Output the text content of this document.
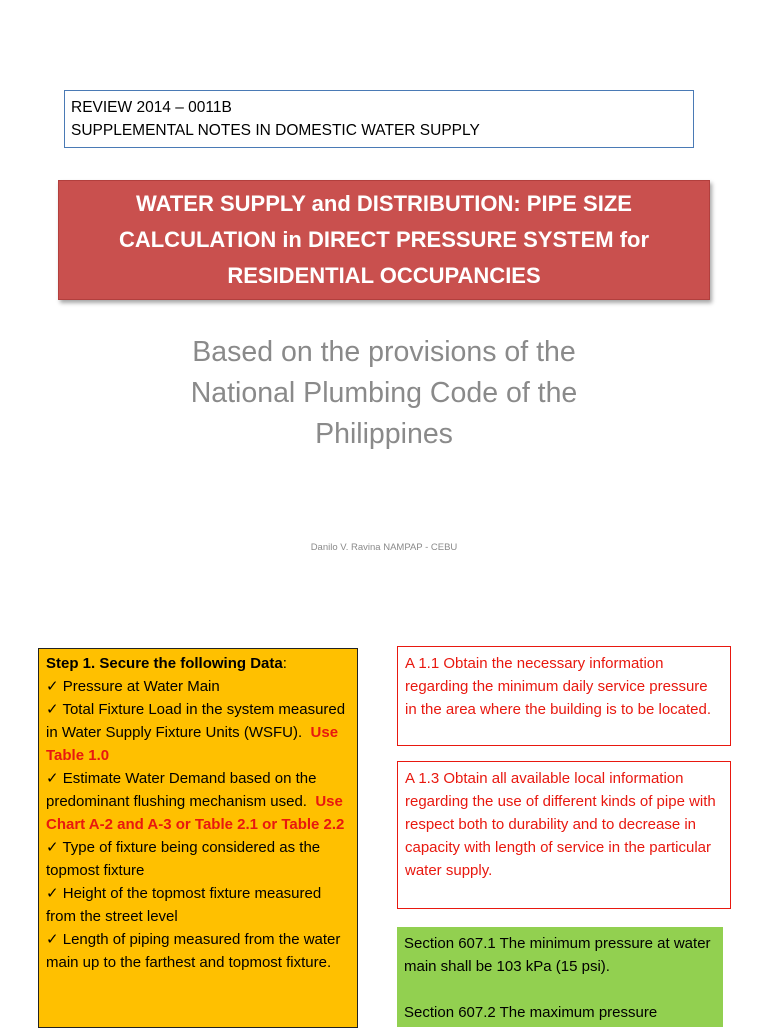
REVIEW 2014 – 0011B
SUPPLEMENTAL NOTES IN DOMESTIC WATER SUPPLY
WATER SUPPLY and DISTRIBUTION: PIPE SIZE
CALCULATION in DIRECT PRESSURE SYSTEM for
RESIDENTIAL OCCUPANCIES
Based on the provisions of the
National Plumbing Code of the
Philippines
Danilo V. Ravina NAMPAP - CEBU
Step 1. Secure the following Data:
✓ Pressure at Water Main
✓ Total Fixture Load in the system measured in Water Supply Fixture Units (WSFU). Use Table 1.0
✓ Estimate Water Demand based on the predominant flushing mechanism used. Use Chart A-2 and A-3 or Table 2.1 or Table 2.2
✓ Type of fixture being considered as the topmost fixture
✓ Height of the topmost fixture measured from the street level
✓ Length of piping measured from the water main up to the farthest and topmost fixture.
A 1.1 Obtain the necessary information regarding the minimum daily service pressure in the area where the building is to be located.
A 1.3 Obtain all available local information regarding the use of different kinds of pipe with respect both to durability and to decrease in capacity with length of service in the particular water supply.

Section 607.1 The minimum pressure at water main shall be 103 kPa (15 psi).

Section 607.2 The maximum pressure
